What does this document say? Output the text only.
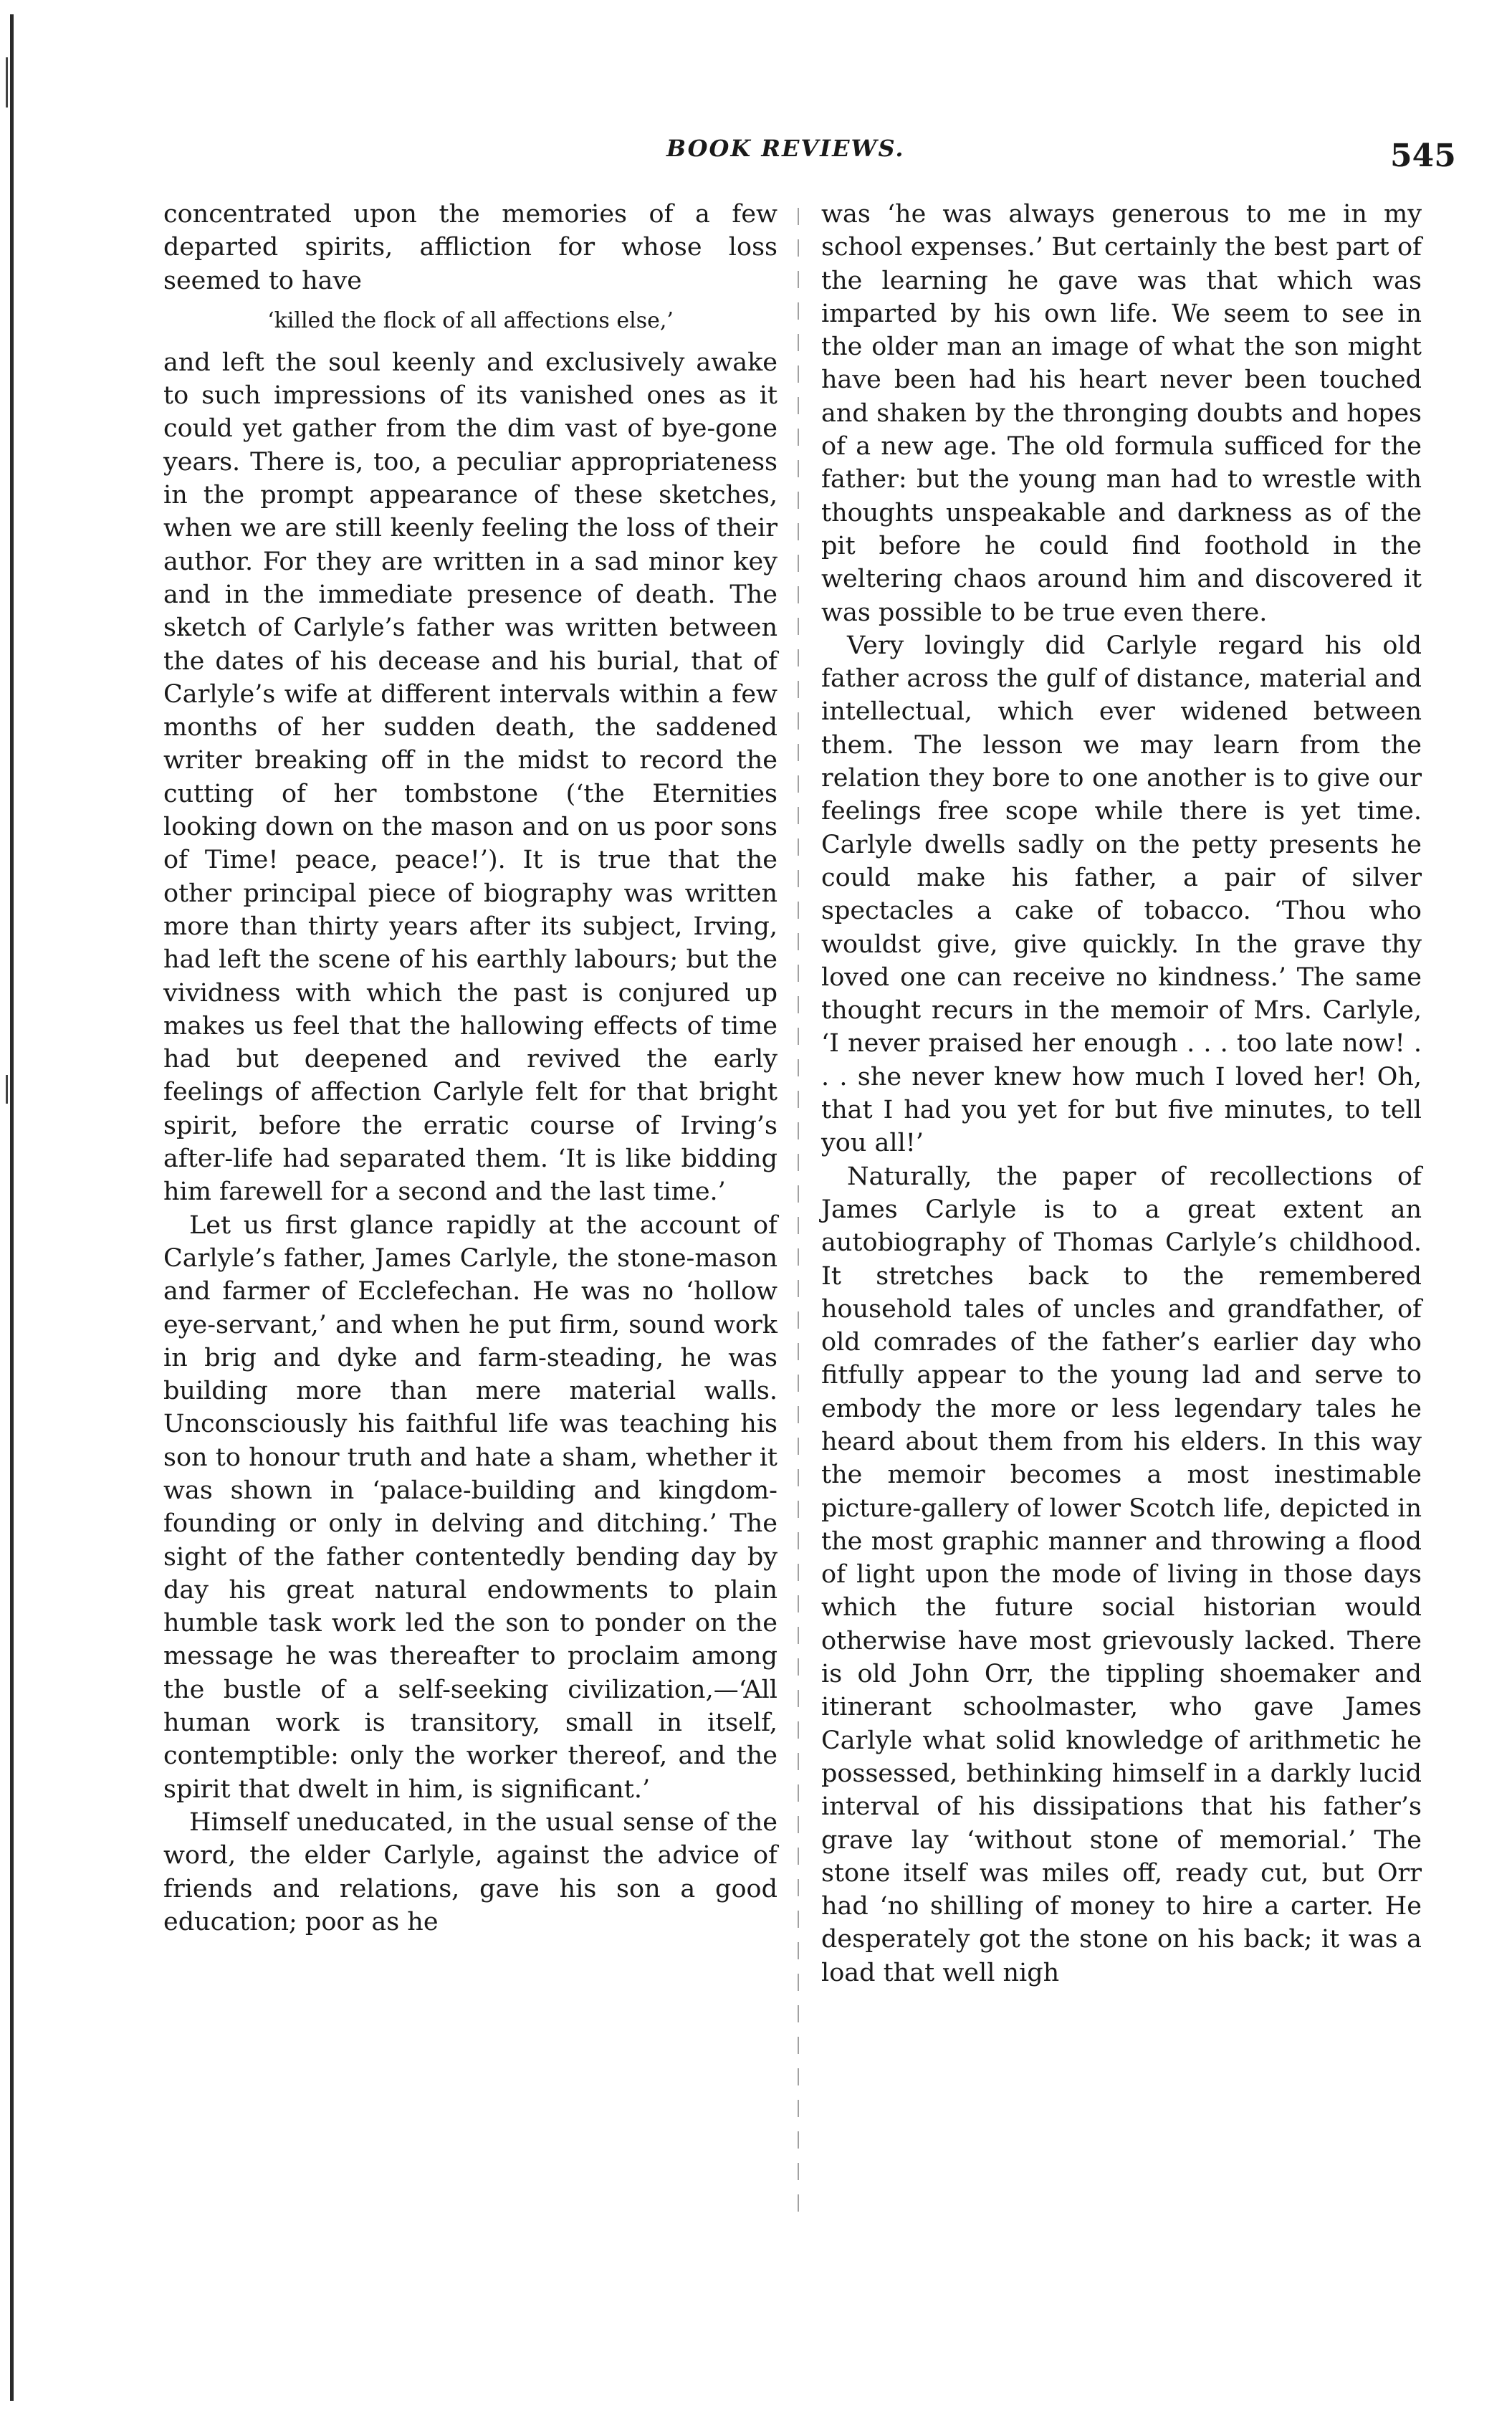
BOOK REVIEWS.	545

concentrated upon the memories of a few departed spirits, affliction for whose loss seemed to have

‘killed the flock of all affections else,’

and left the soul keenly and exclusively awake to such impressions of its vanished ones as it could yet gather from the dim vast of bye-gone years. There is, too, a peculiar appropriateness in the prompt appearance of these sketches, when we are still keenly feeling the loss of their author. For they are written in a sad minor key and in the immediate presence of death. The sketch of Carlyle’s father was written between the dates of his decease and his burial, that of Carlyle’s wife at different intervals within a few months of her sudden death, the saddened writer breaking off in the midst to record the cutting of her tombstone (‘the Eternities looking down on the mason and on us poor sons of Time! peace, peace!’). It is true that the other principal piece of biography was written more than thirty years after its subject, Irving, had left the scene of his earthly labours; but the vividness with which the past is conjured up makes us feel that the hallowing effects of time had but deepened and revived the early feelings of affection Carlyle felt for that bright spirit, before the erratic course of Irving’s after-life had separated them. ‘It is like bidding him farewell for a second and the last time.’

Let us first glance rapidly at the account of Carlyle’s father, James Carlyle, the stone-mason and farmer of Ecclefechan. He was no ‘hollow eye-servant,’ and when he put firm, sound work in brig and dyke and farm-steading, he was building more than mere material walls. Unconsciously his faithful life was teaching his son to honour truth and hate a sham, whether it was shown in ‘palace-building and kingdom-founding or only in delving and ditching.’ The sight of the father contentedly bending day by day his great natural endowments to plain humble task work led the son to ponder on the message he was thereafter to proclaim among the bustle of a self-seeking civilization,—‘All human work is transitory, small in itself, contemptible: only the worker thereof, and the spirit that dwelt in him, is significant.’

Himself uneducated, in the usual sense of the word, the elder Carlyle, against the advice of friends and relations, gave his son a good education; poor as he

was ‘he was always generous to me in my school expenses.’ But certainly the best part of the learning he gave was that which was imparted by his own life. We seem to see in the older man an image of what the son might have been had his heart never been touched and shaken by the thronging doubts and hopes of a new age. The old formula sufficed for the father: but the young man had to wrestle with thoughts unspeakable and darkness as of the pit before he could find foothold in the weltering chaos around him and discovered it was possible to be true even there.

Very lovingly did Carlyle regard his old father across the gulf of distance, material and intellectual, which ever widened between them. The lesson we may learn from the relation they bore to one another is to give our feelings free scope while there is yet time. Carlyle dwells sadly on the petty presents he could make his father, a pair of silver spectacles a cake of tobacco. ‘Thou who wouldst give, give quickly. In the grave thy loved one can receive no kindness.’ The same thought recurs in the memoir of Mrs. Carlyle, ‘I never praised her enough . . . too late now! . . . she never knew how much I loved her! Oh, that I had you yet for but five minutes, to tell you all!’

Naturally, the paper of recollections of James Carlyle is to a great extent an autobiography of Thomas Carlyle’s childhood. It stretches back to the remembered household tales of uncles and grandfather, of old comrades of the father’s earlier day who fitfully appear to the young lad and serve to embody the more or less legendary tales he heard about them from his elders. In this way the memoir becomes a most inestimable picture-gallery of lower Scotch life, depicted in the most graphic manner and throwing a flood of light upon the mode of living in those days which the future social historian would otherwise have most grievously lacked. There is old John Orr, the tippling shoemaker and itinerant schoolmaster, who gave James Carlyle what solid knowledge of arithmetic he possessed, bethinking himself in a darkly lucid interval of his dissipations that his father’s grave lay ‘without stone of memorial.’ The stone itself was miles off, ready cut, but Orr had ‘no shilling of money to hire a carter. He desperately got the stone on his back; it was a load that well nigh
